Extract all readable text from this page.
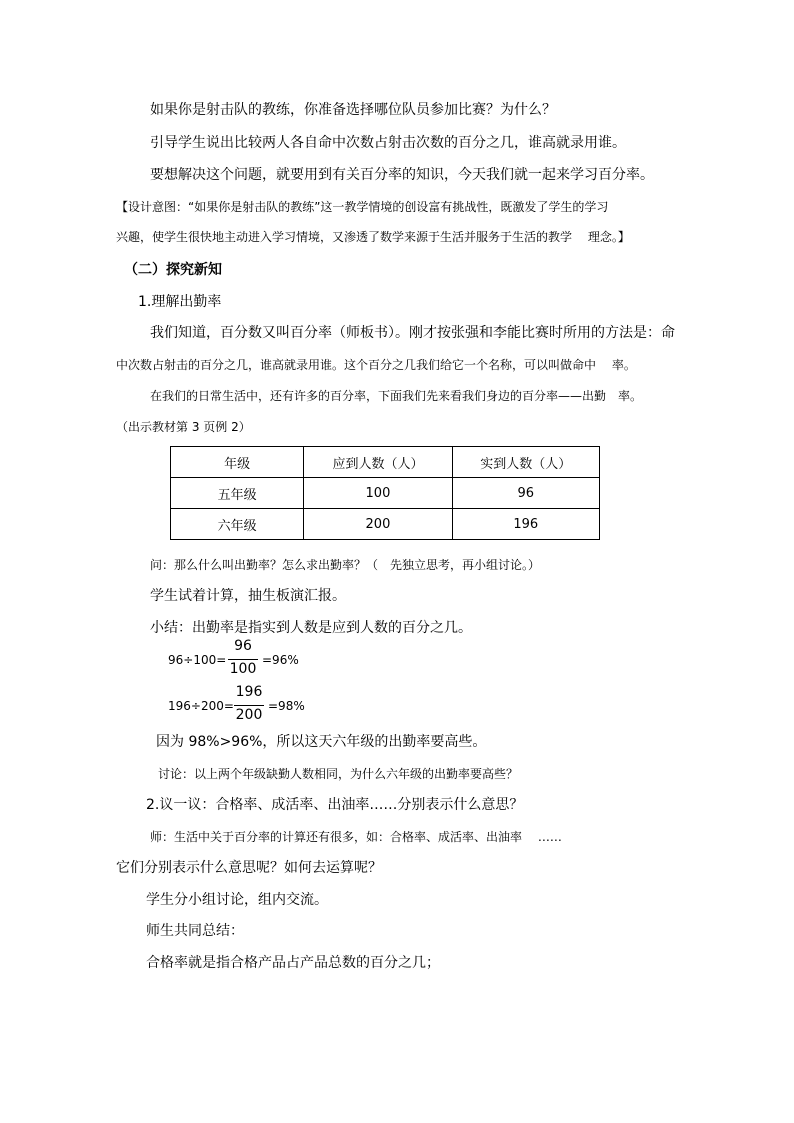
如果你是射击队的教练，你准备选择哪位队员参加比赛？为什么？
引导学生说出比较两人各自命中次数占射击次数的百分之几，谁高就录用谁。
要想解决这个问题，就要用到有关百分率的知识，今天我们就一起来学习百分率。
【设计意图：“如果你是射击队的教练”这一教学情境的创设富有挑战性，既激发了学生的学习
兴趣，使学生很快地主动进入学习情境，又渗透了数学来源于生活并服务于生活的教学　 理念。】
（二）探究新知
1.理解出勤率
我们知道，百分数又叫百分率（师板书）。刚才按张强和李能比赛时所用的方法是：命
中次数占射击的百分之几，谁高就录用谁。这个百分之几我们给它一个名称，可以叫做命中　 率。
在我们的日常生活中，还有许多的百分率，下面我们先来看我们身边的百分率——出勤　率。
（出示教材第 3 页例 2）
年级	应到人数（人）	实到人数（人）
五年级	100	96
六年级	200	196
问：那么什么叫出勤率？怎么求出勤率？（　先独立思考，再小组讨论。）
学生试着计算，抽生板演汇报。
小结：出勤率是指实到人数是应到人数的百分之几。
96÷100=
96
100
=96%
196÷200=
196
200
=98%
因为 98%>96%，所以这天六年级的出勤率要高些。
讨论：以上两个年级缺勤人数相同，为什么六年级的出勤率要高些？
2.议一议：合格率、成活率、出油率……分别表示什么意思？
师：生活中关于百分率的计算还有很多，如：合格率、成活率、出油率　 ……
它们分别表示什么意思呢？如何去运算呢？
学生分小组讨论，组内交流。
师生共同总结：
合格率就是指合格产品占产品总数的百分之几；
